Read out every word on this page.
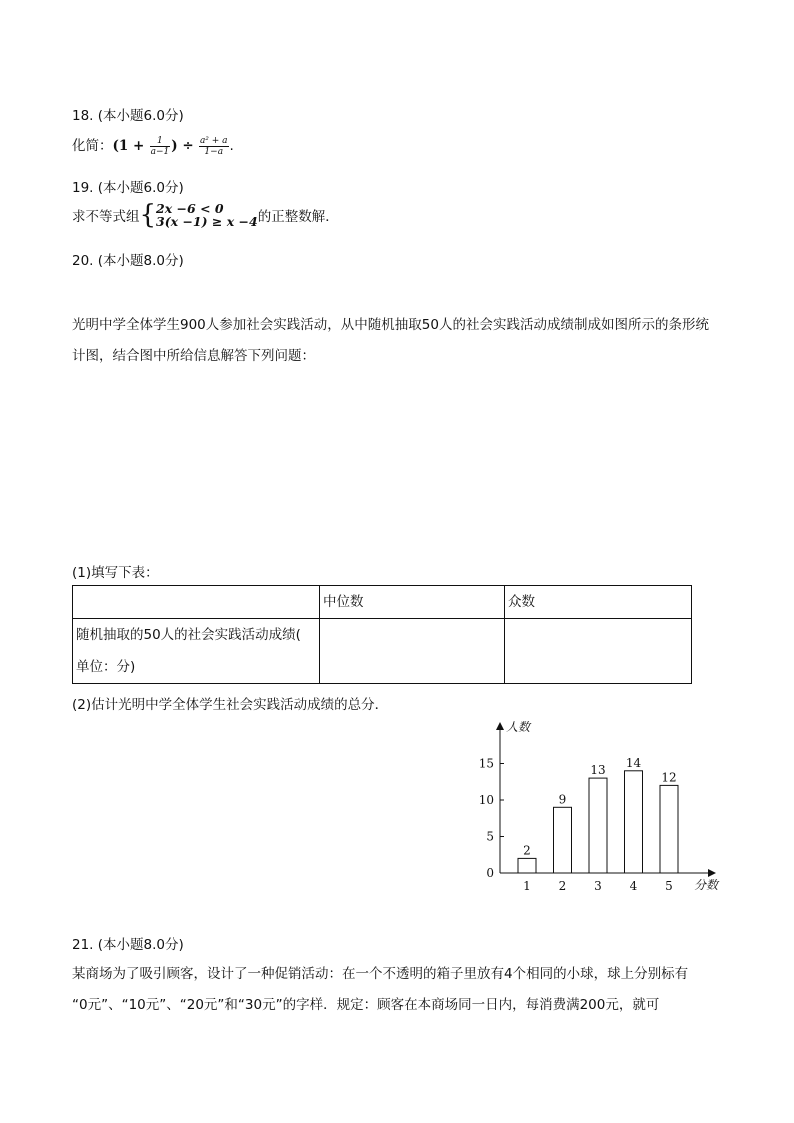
18. (本小题6.0分)
化简：($1 + \frac{1}{a-1}$ ) ÷ $\frac{\text{a² + a}}{1-a}$ .
19. (本小题6.0分)
求不等式组{ 2x −6 < 0
3(x −1) ≥ x −4 的正整数解．
20. (本小题8.0分)
光明中学全体学生900人参加社会实践活动，从中随机抽取50人的社会实践活动成绩制成如图所示的条形统
计图，结合图中所给信息解答下列问题：
(1)填写下表：
	中位数	众数

随机抽取的50人的社会实践活动成绩(
单位：分)		

(2)估计光明中学全体学生社会实践活动成绩的总分．
人数
分数
2
1
9
2
13
3
14
4
12
5
0
5
10
15
21. (本小题8.0分)
某商场为了吸引顾客，设计了一种促销活动：在一个不透明的箱子里放有4个相同的小球，球上分别标有
“0元”、“10元”、“20元”和“30元”的字样．规定：顾客在本商场同一日内，每消费满200元，就可
